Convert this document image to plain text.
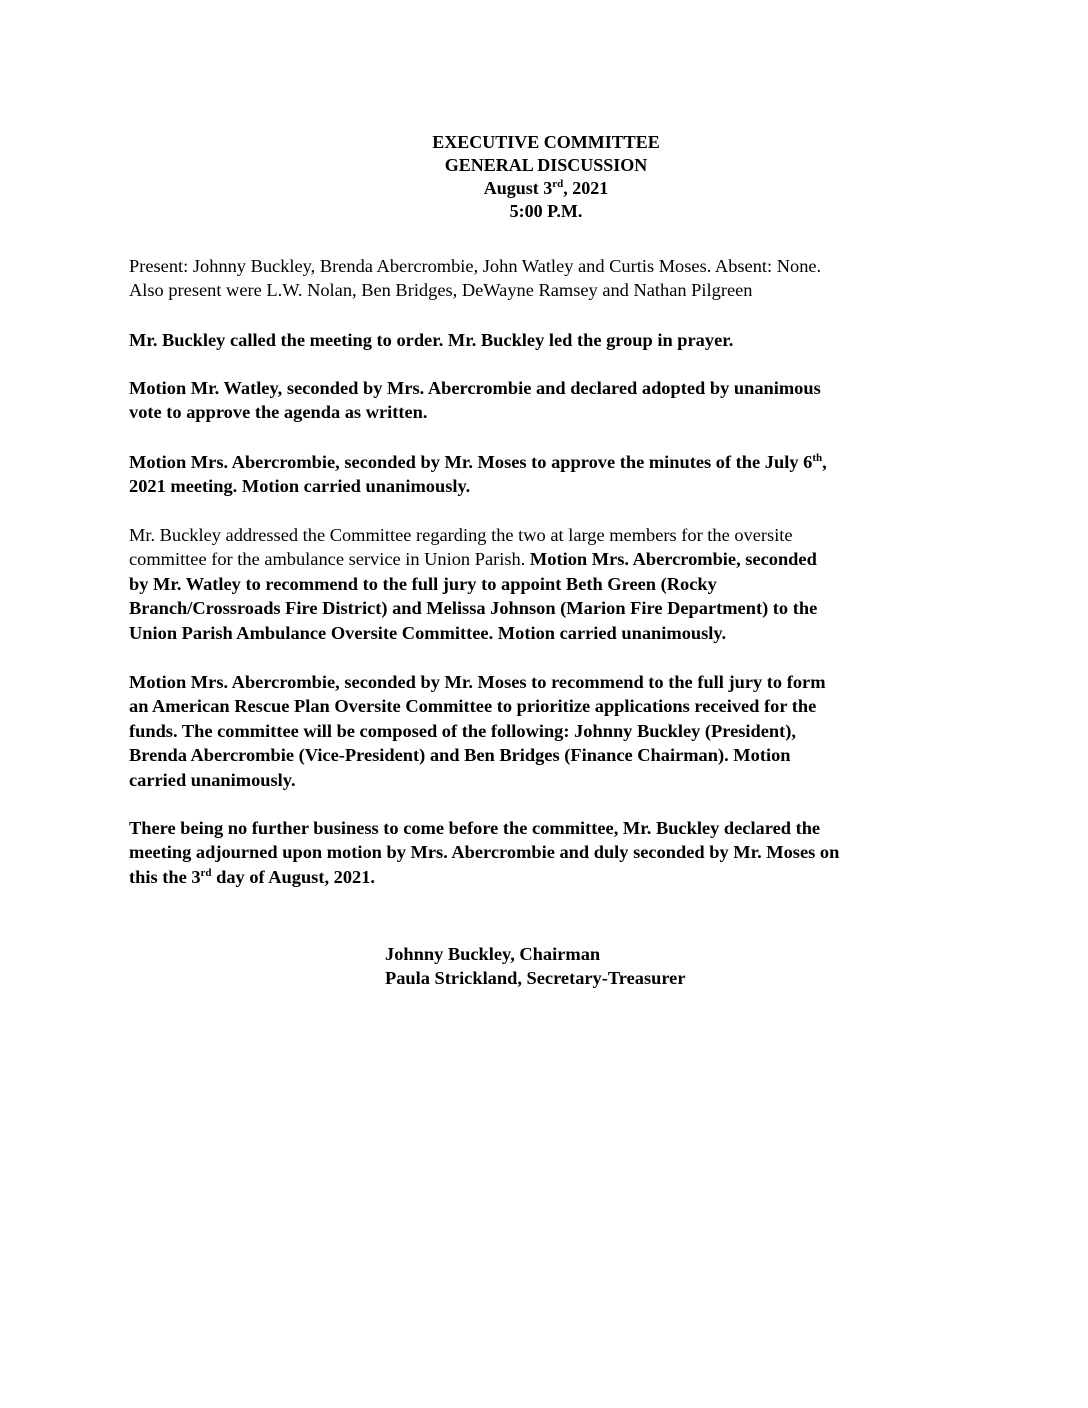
EXECUTIVE COMMITTEE
GENERAL DISCUSSION
August 3rd, 2021
5:00 P.M.
Present: Johnny Buckley, Brenda Abercrombie, John Watley and Curtis Moses. Absent: None.
Also present were L.W. Nolan, Ben Bridges, DeWayne Ramsey and Nathan Pilgreen
Mr. Buckley called the meeting to order. Mr. Buckley led the group in prayer.
Motion Mr. Watley, seconded by Mrs. Abercrombie and declared adopted by unanimous
vote to approve the agenda as written.
Motion Mrs. Abercrombie, seconded by Mr. Moses to approve the minutes of the July 6th,
2021 meeting. Motion carried unanimously.
Mr. Buckley addressed the Committee regarding the two at large members for the oversite
committee for the ambulance service in Union Parish. Motion Mrs. Abercrombie, seconded
by Mr. Watley to recommend to the full jury to appoint Beth Green (Rocky
Branch/Crossroads Fire District) and Melissa Johnson (Marion Fire Department) to the
Union Parish Ambulance Oversite Committee. Motion carried unanimously.
Motion Mrs. Abercrombie, seconded by Mr. Moses to recommend to the full jury to form
an American Rescue Plan Oversite Committee to prioritize applications received for the
funds. The committee will be composed of the following: Johnny Buckley (President),
Brenda Abercrombie (Vice-President) and Ben Bridges (Finance Chairman). Motion
carried unanimously.
There being no further business to come before the committee, Mr. Buckley declared the
meeting adjourned upon motion by Mrs. Abercrombie and duly seconded by Mr. Moses on
this the 3rd day of August, 2021.
Johnny Buckley, Chairman
Paula Strickland, Secretary-Treasurer
